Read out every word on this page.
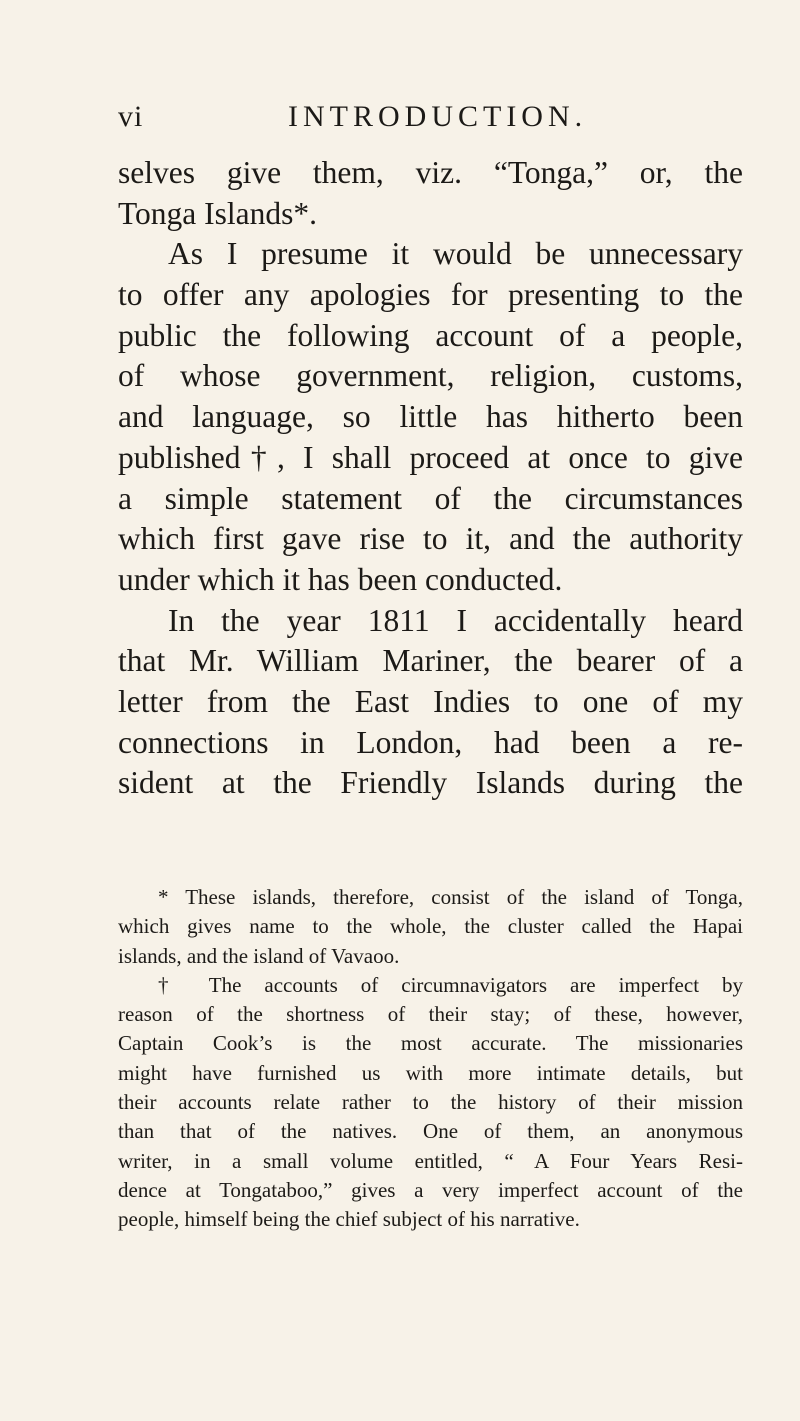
vi	INTRODUCTION.
selves give them, viz. “Tonga,” or, the
Tonga Islands*.
As I presume it would be unnecessary
to offer any apologies for presenting to the
public the following account of a people,
of whose government, religion, customs,
and language, so little has hitherto been
published†, I shall proceed at once to give
a simple statement of the circumstances
which first gave rise to it, and the authority
under which it has been conducted.
In the year 1811 I accidentally heard
that Mr. William Mariner, the bearer of a
letter from the East Indies to one of my
connections in London, had been a re-
sident at the Friendly Islands during the
* These islands, therefore, consist of the island of Tonga,
which gives name to the whole, the cluster called the Hapai
islands, and the island of Vavaoo.
† The accounts of circumnavigators are imperfect by
reason of the shortness of their stay; of these, however,
Captain Cook’s is the most accurate. The missionaries
might have furnished us with more intimate details, but
their accounts relate rather to the history of their mission
than that of the natives. One of them, an anonymous
writer, in a small volume entitled, “ A Four Years Resi-
dence at Tongataboo,” gives a very imperfect account of the
people, himself being the chief subject of his narrative.
